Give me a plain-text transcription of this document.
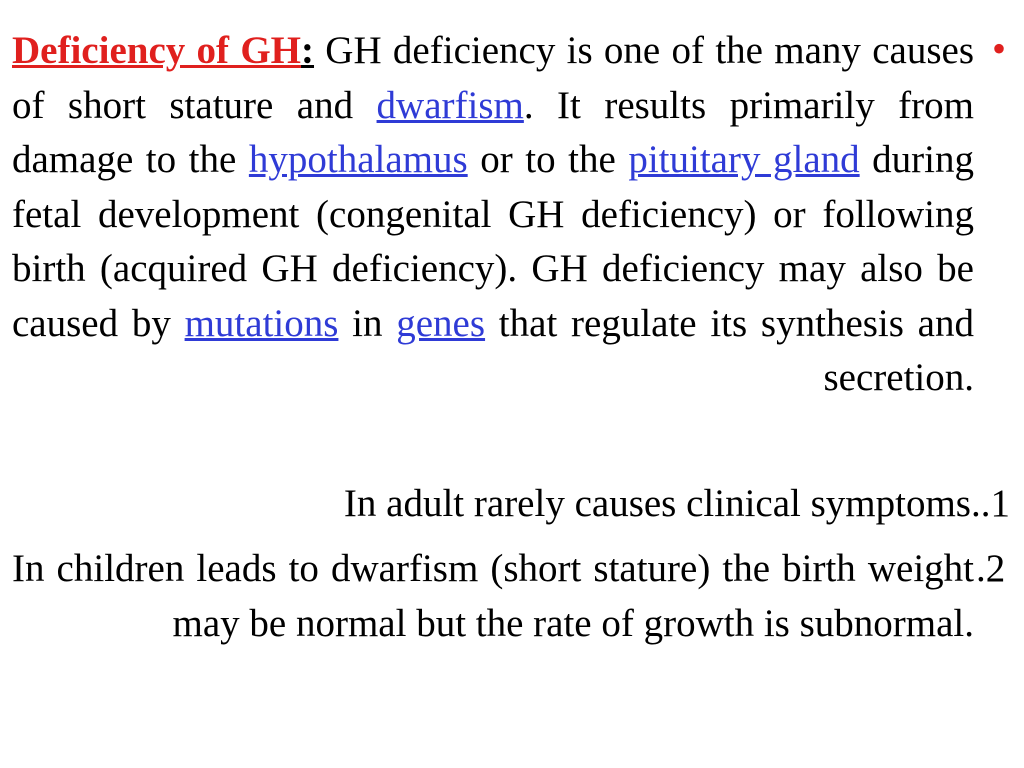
•
Deficiency of GH: GH deficiency is one of the many causes of short stature and dwarfism. It results primarily from damage to the hypothalamus or to the pituitary gland during fetal development (congenital GH deficiency) or following birth (acquired GH deficiency). GH deficiency may also be caused by mutations in genes that regulate its synthesis and secretion.
In adult rarely causes clinical symptoms..1
In children leads to dwarfism (short stature) the birth weight may be normal but the rate of growth is subnormal.
.2
